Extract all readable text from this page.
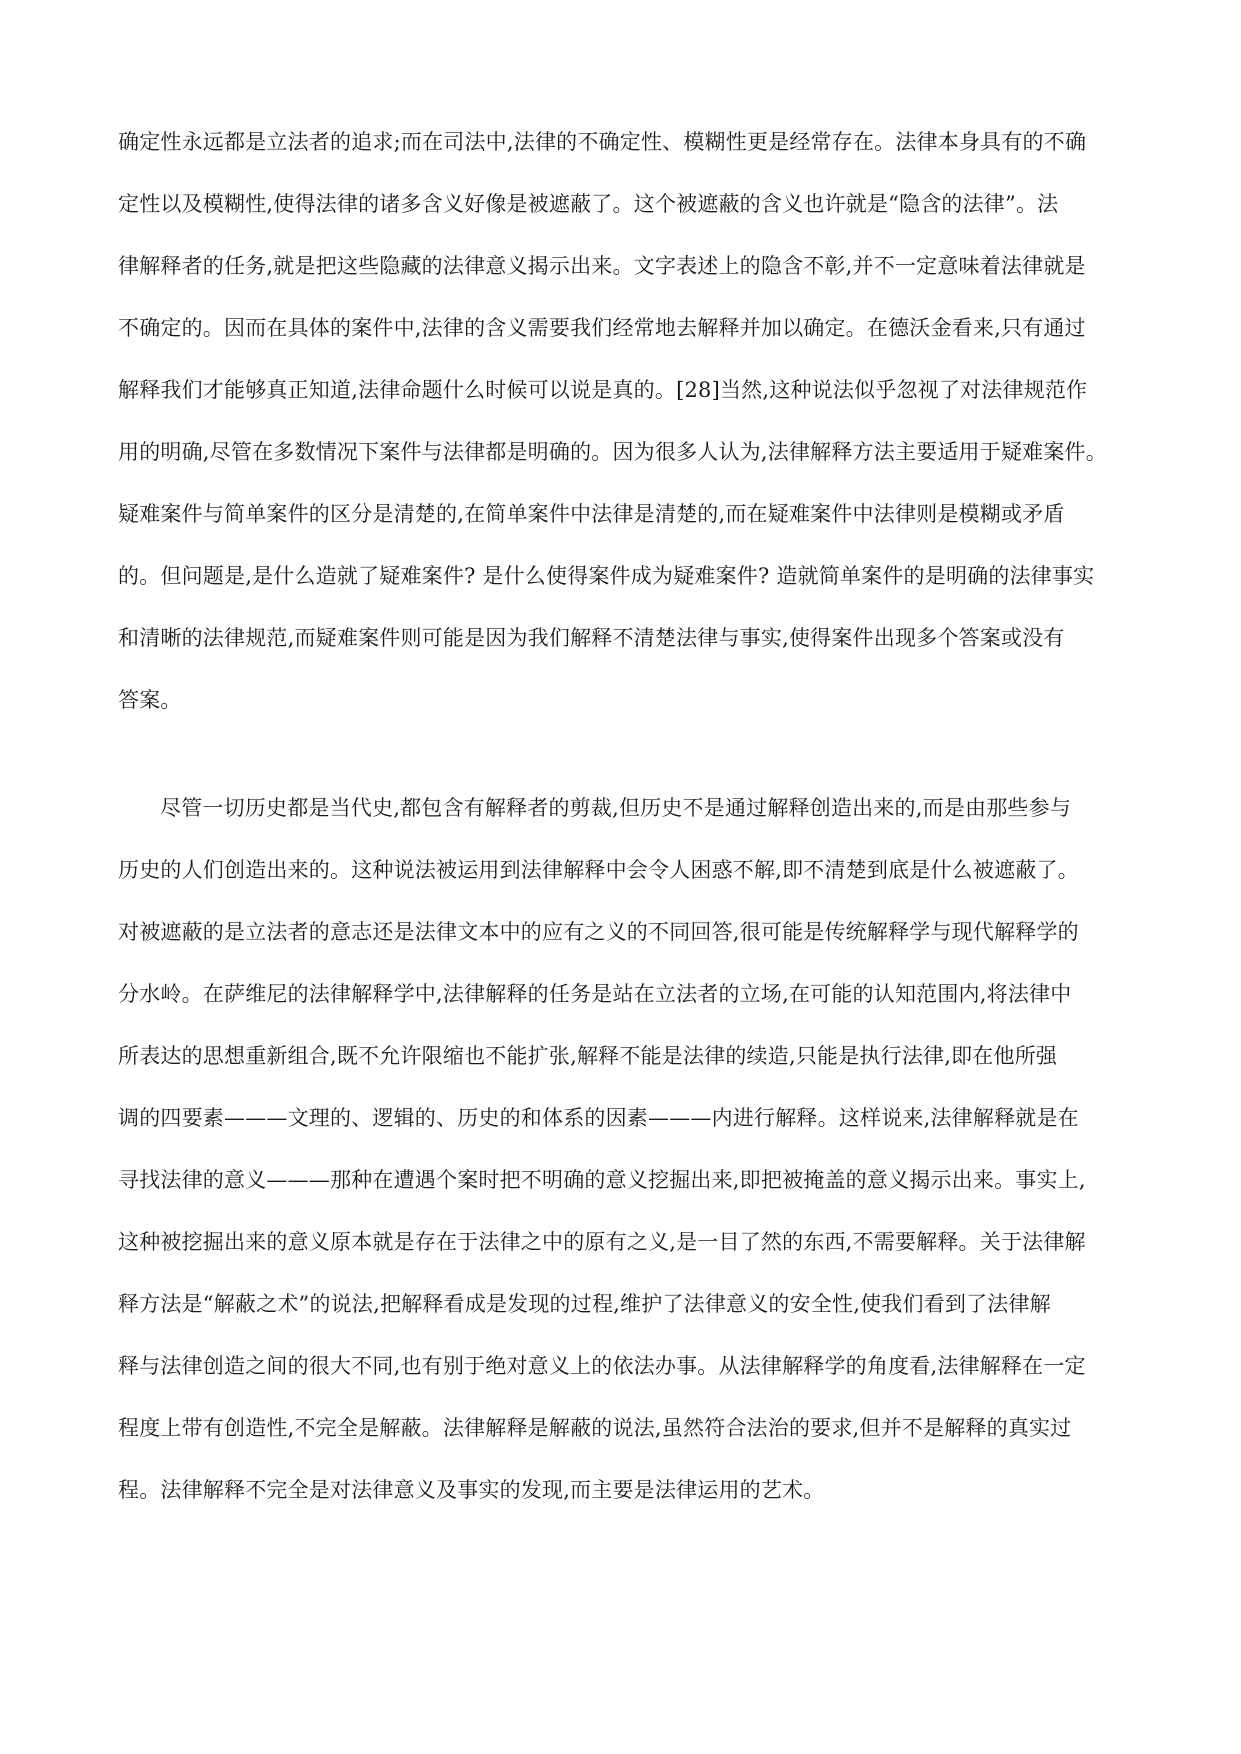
确定性永远都是立法者的追求;而在司法中,法律的不确定性、模糊性更是经常存在。法律本身具有的不确
定性以及模糊性,使得法律的诸多含义好像是被遮蔽了。这个被遮蔽的含义也许就是“隐含的法律”。法
律解释者的任务,就是把这些隐藏的法律意义揭示出来。文字表述上的隐含不彰,并不一定意味着法律就是
不确定的。因而在具体的案件中,法律的含义需要我们经常地去解释并加以确定。在德沃金看来,只有通过
解释我们才能够真正知道,法律命题什么时候可以说是真的。[28]当然,这种说法似乎忽视了对法律规范作
用的明确,尽管在多数情况下案件与法律都是明确的。因为很多人认为,法律解释方法主要适用于疑难案件。
疑难案件与简单案件的区分是清楚的,在简单案件中法律是清楚的,而在疑难案件中法律则是模糊或矛盾
的。但问题是,是什么造就了疑难案件? 是什么使得案件成为疑难案件? 造就简单案件的是明确的法律事实
和清晰的法律规范,而疑难案件则可能是因为我们解释不清楚法律与事实,使得案件出现多个答案或没有
答案。
尽管一切历史都是当代史,都包含有解释者的剪裁,但历史不是通过解释创造出来的,而是由那些参与
历史的人们创造出来的。这种说法被运用到法律解释中会令人困惑不解,即不清楚到底是什么被遮蔽了。
对被遮蔽的是立法者的意志还是法律文本中的应有之义的不同回答,很可能是传统解释学与现代解释学的
分水岭。在萨维尼的法律解释学中,法律解释的任务是站在立法者的立场,在可能的认知范围内,将法律中
所表达的思想重新组合,既不允许限缩也不能扩张,解释不能是法律的续造,只能是执行法律,即在他所强
调的四要素———文理的、逻辑的、历史的和体系的因素———内进行解释。这样说来,法律解释就是在
寻找法律的意义———那种在遭遇个案时把不明确的意义挖掘出来,即把被掩盖的意义揭示出来。事实上,
这种被挖掘出来的意义原本就是存在于法律之中的原有之义,是一目了然的东西,不需要解释。关于法律解
释方法是“解蔽之术”的说法,把解释看成是发现的过程,维护了法律意义的安全性,使我们看到了法律解
释与法律创造之间的很大不同,也有别于绝对意义上的依法办事。从法律解释学的角度看,法律解释在一定
程度上带有创造性,不完全是解蔽。法律解释是解蔽的说法,虽然符合法治的要求,但并不是解释的真实过
程。法律解释不完全是对法律意义及事实的发现,而主要是法律运用的艺术。
